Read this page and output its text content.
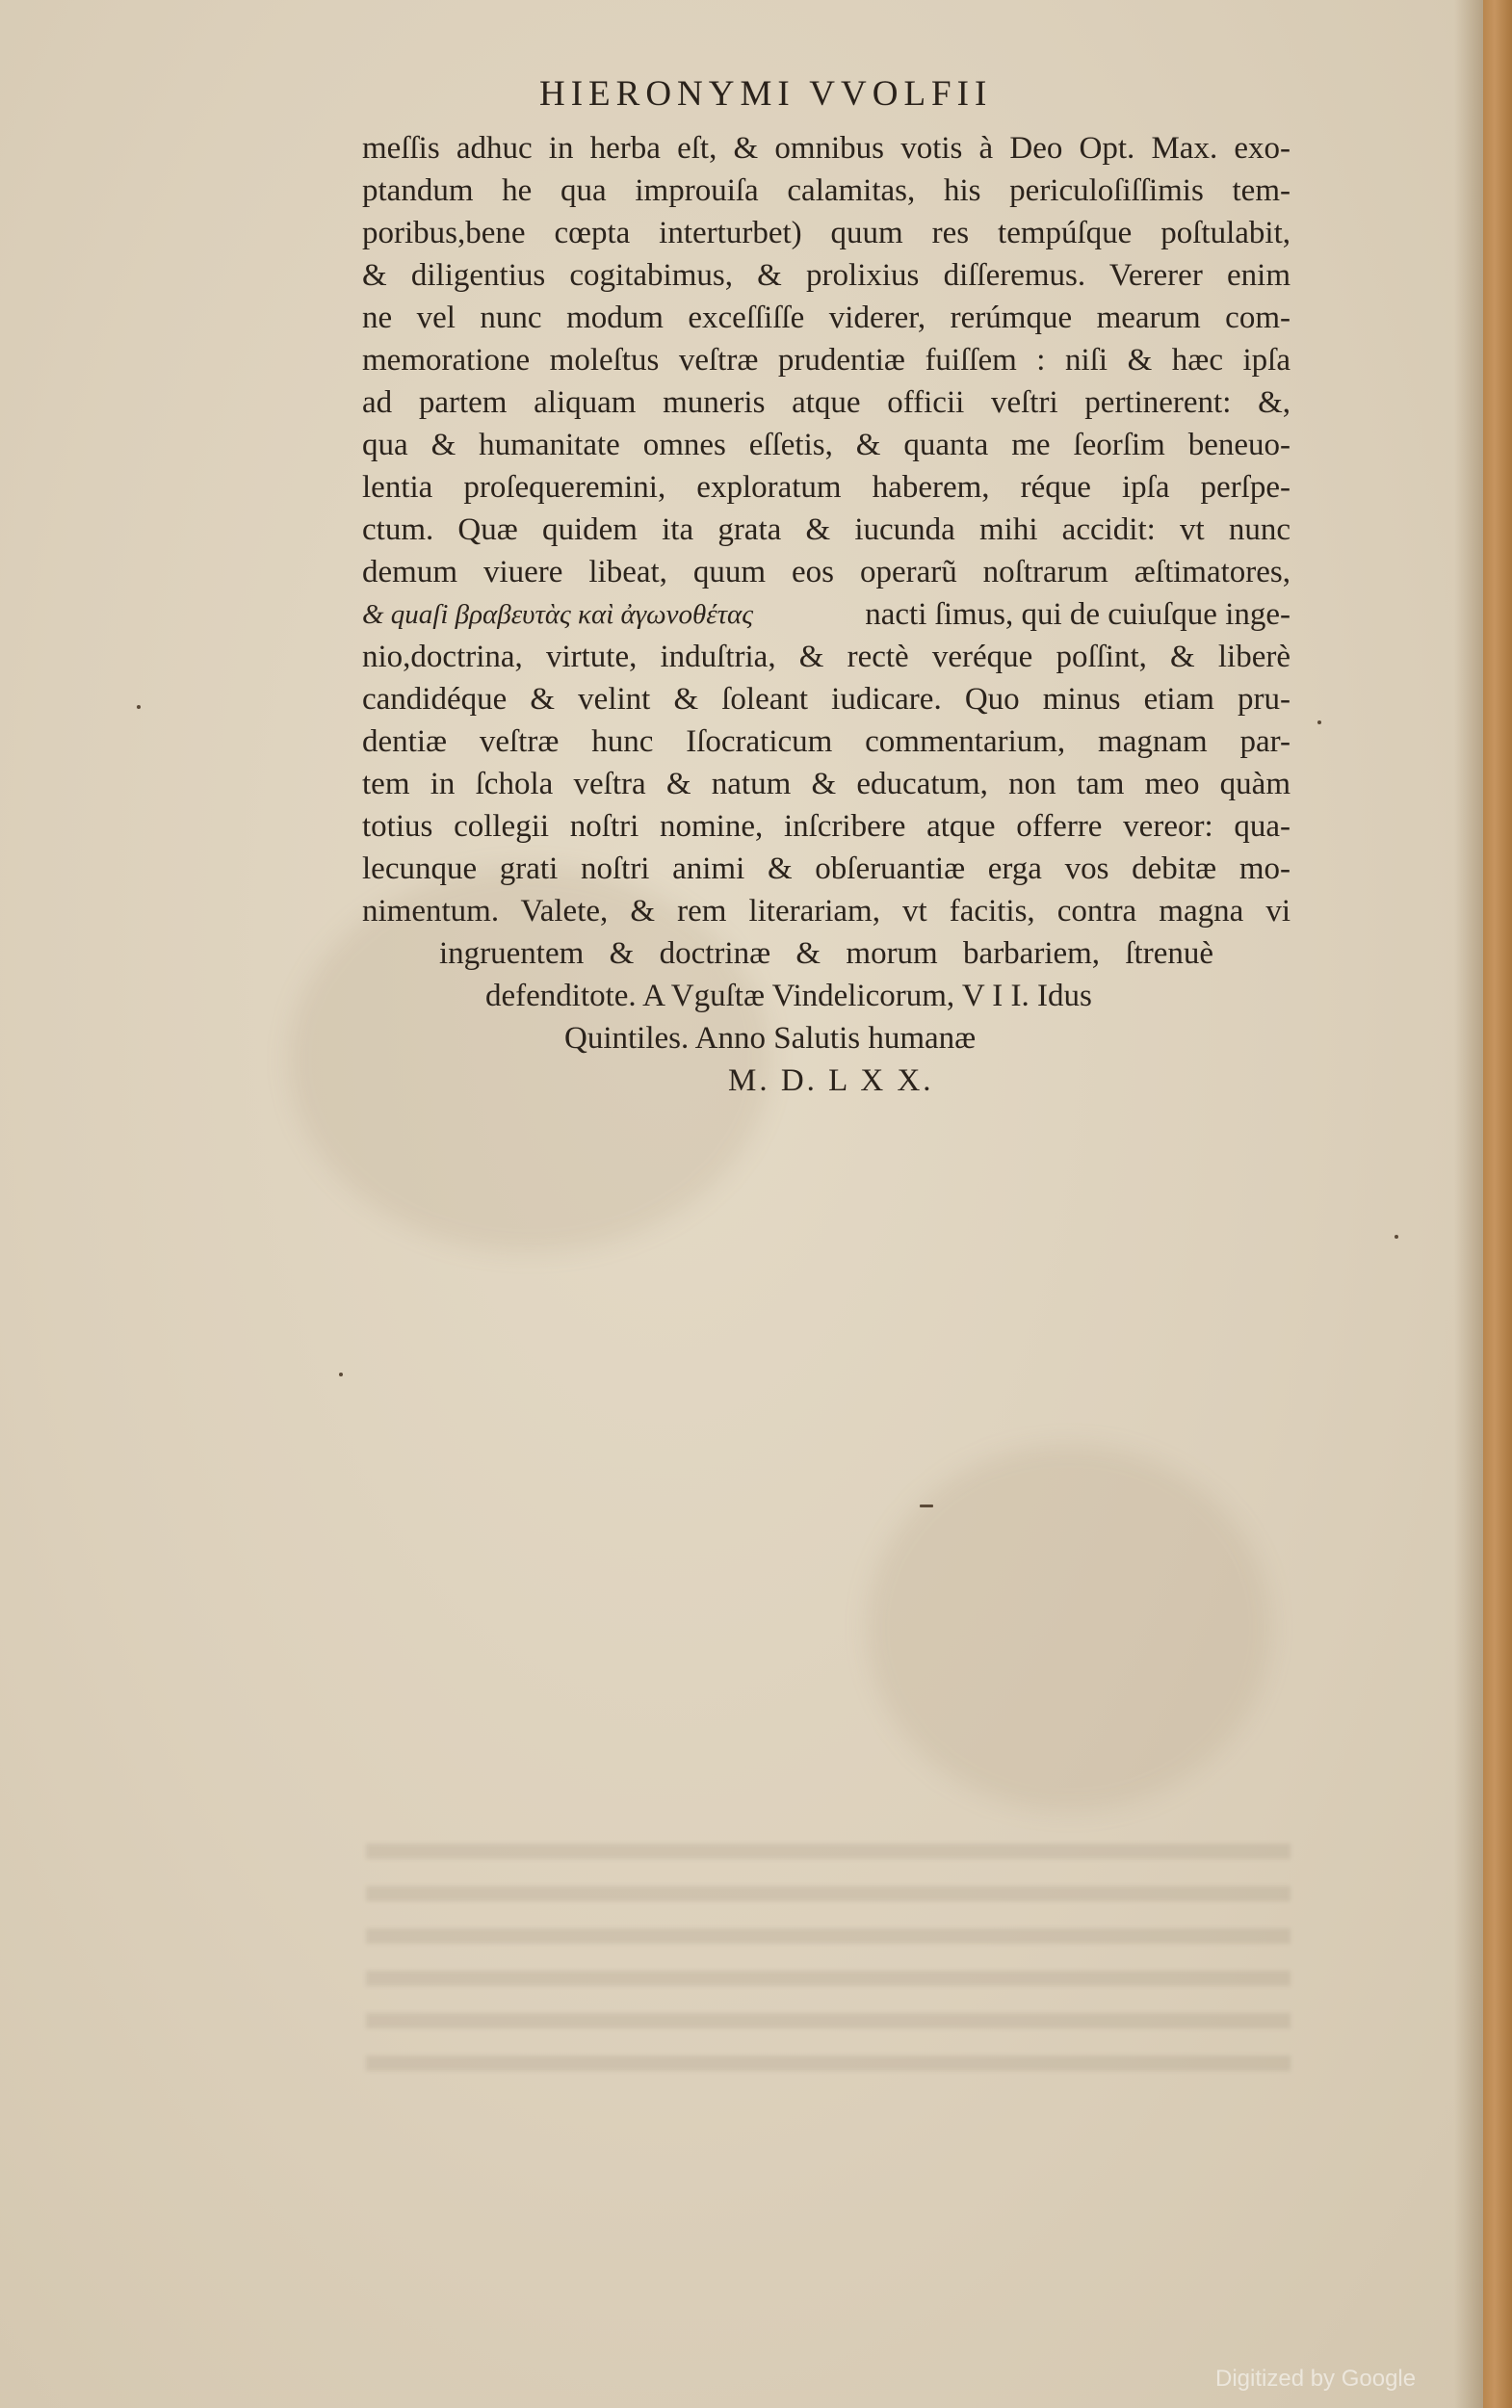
HIERONYMI VVOLFII
meſſis adhuc in herba eſt, & omnibus votis à Deo Opt. Max. exo-
ptandum he qua improuiſa calamitas, his periculoſiſſimis tem-
poribus,bene cœpta interturbet) quum res tempúſque poſtulabit,
& diligentius cogitabimus, & prolixius diſſeremus. Vererer enim
ne vel nunc modum exceſſiſſe viderer, rerúmque mearum com-
memoratione moleſtus veſtræ prudentiæ fuiſſem : niſi & hæc ipſa
ad partem aliquam muneris atque officii veſtri pertinerent: &,
qua & humanitate omnes eſſetis, & quanta me ſeorſim beneuo-
lentia proſequeremini, exploratum haberem, réque ipſa perſpe-
ctum. Quæ quidem ita grata & iucunda mihi accidit: vt nunc
demum viuere libeat, quum eos operarũ noſtrarum æſtimatores,
& quaſi βραβευτὰς καὶ ἀγωνοθέτας	nacti ſimus, qui de cuiuſque inge-
nio,doctrina, virtute, induſtria, & rectè veréque poſſint, & liberè
candidéque & velint & ſoleant iudicare. Quo minus etiam pru-
dentiæ veſtræ hunc Iſocraticum commentarium, magnam par-
tem in ſchola veſtra & natum & educatum, non tam meo quàm
totius collegii noſtri nomine, inſcribere atque offerre vereor: qua-
lecunque grati noſtri animi & obſeruantiæ erga vos debitæ mo-
nimentum. Valete, & rem literariam, vt facitis, contra magna vi
ingruentem & doctrinæ & morum barbariem, ſtrenuè
defenditote. A Vguſtæ Vindelicorum, V I I. Idus
Quintiles. Anno Salutis humanæ
M. D. L X X.
Digitized by Google
